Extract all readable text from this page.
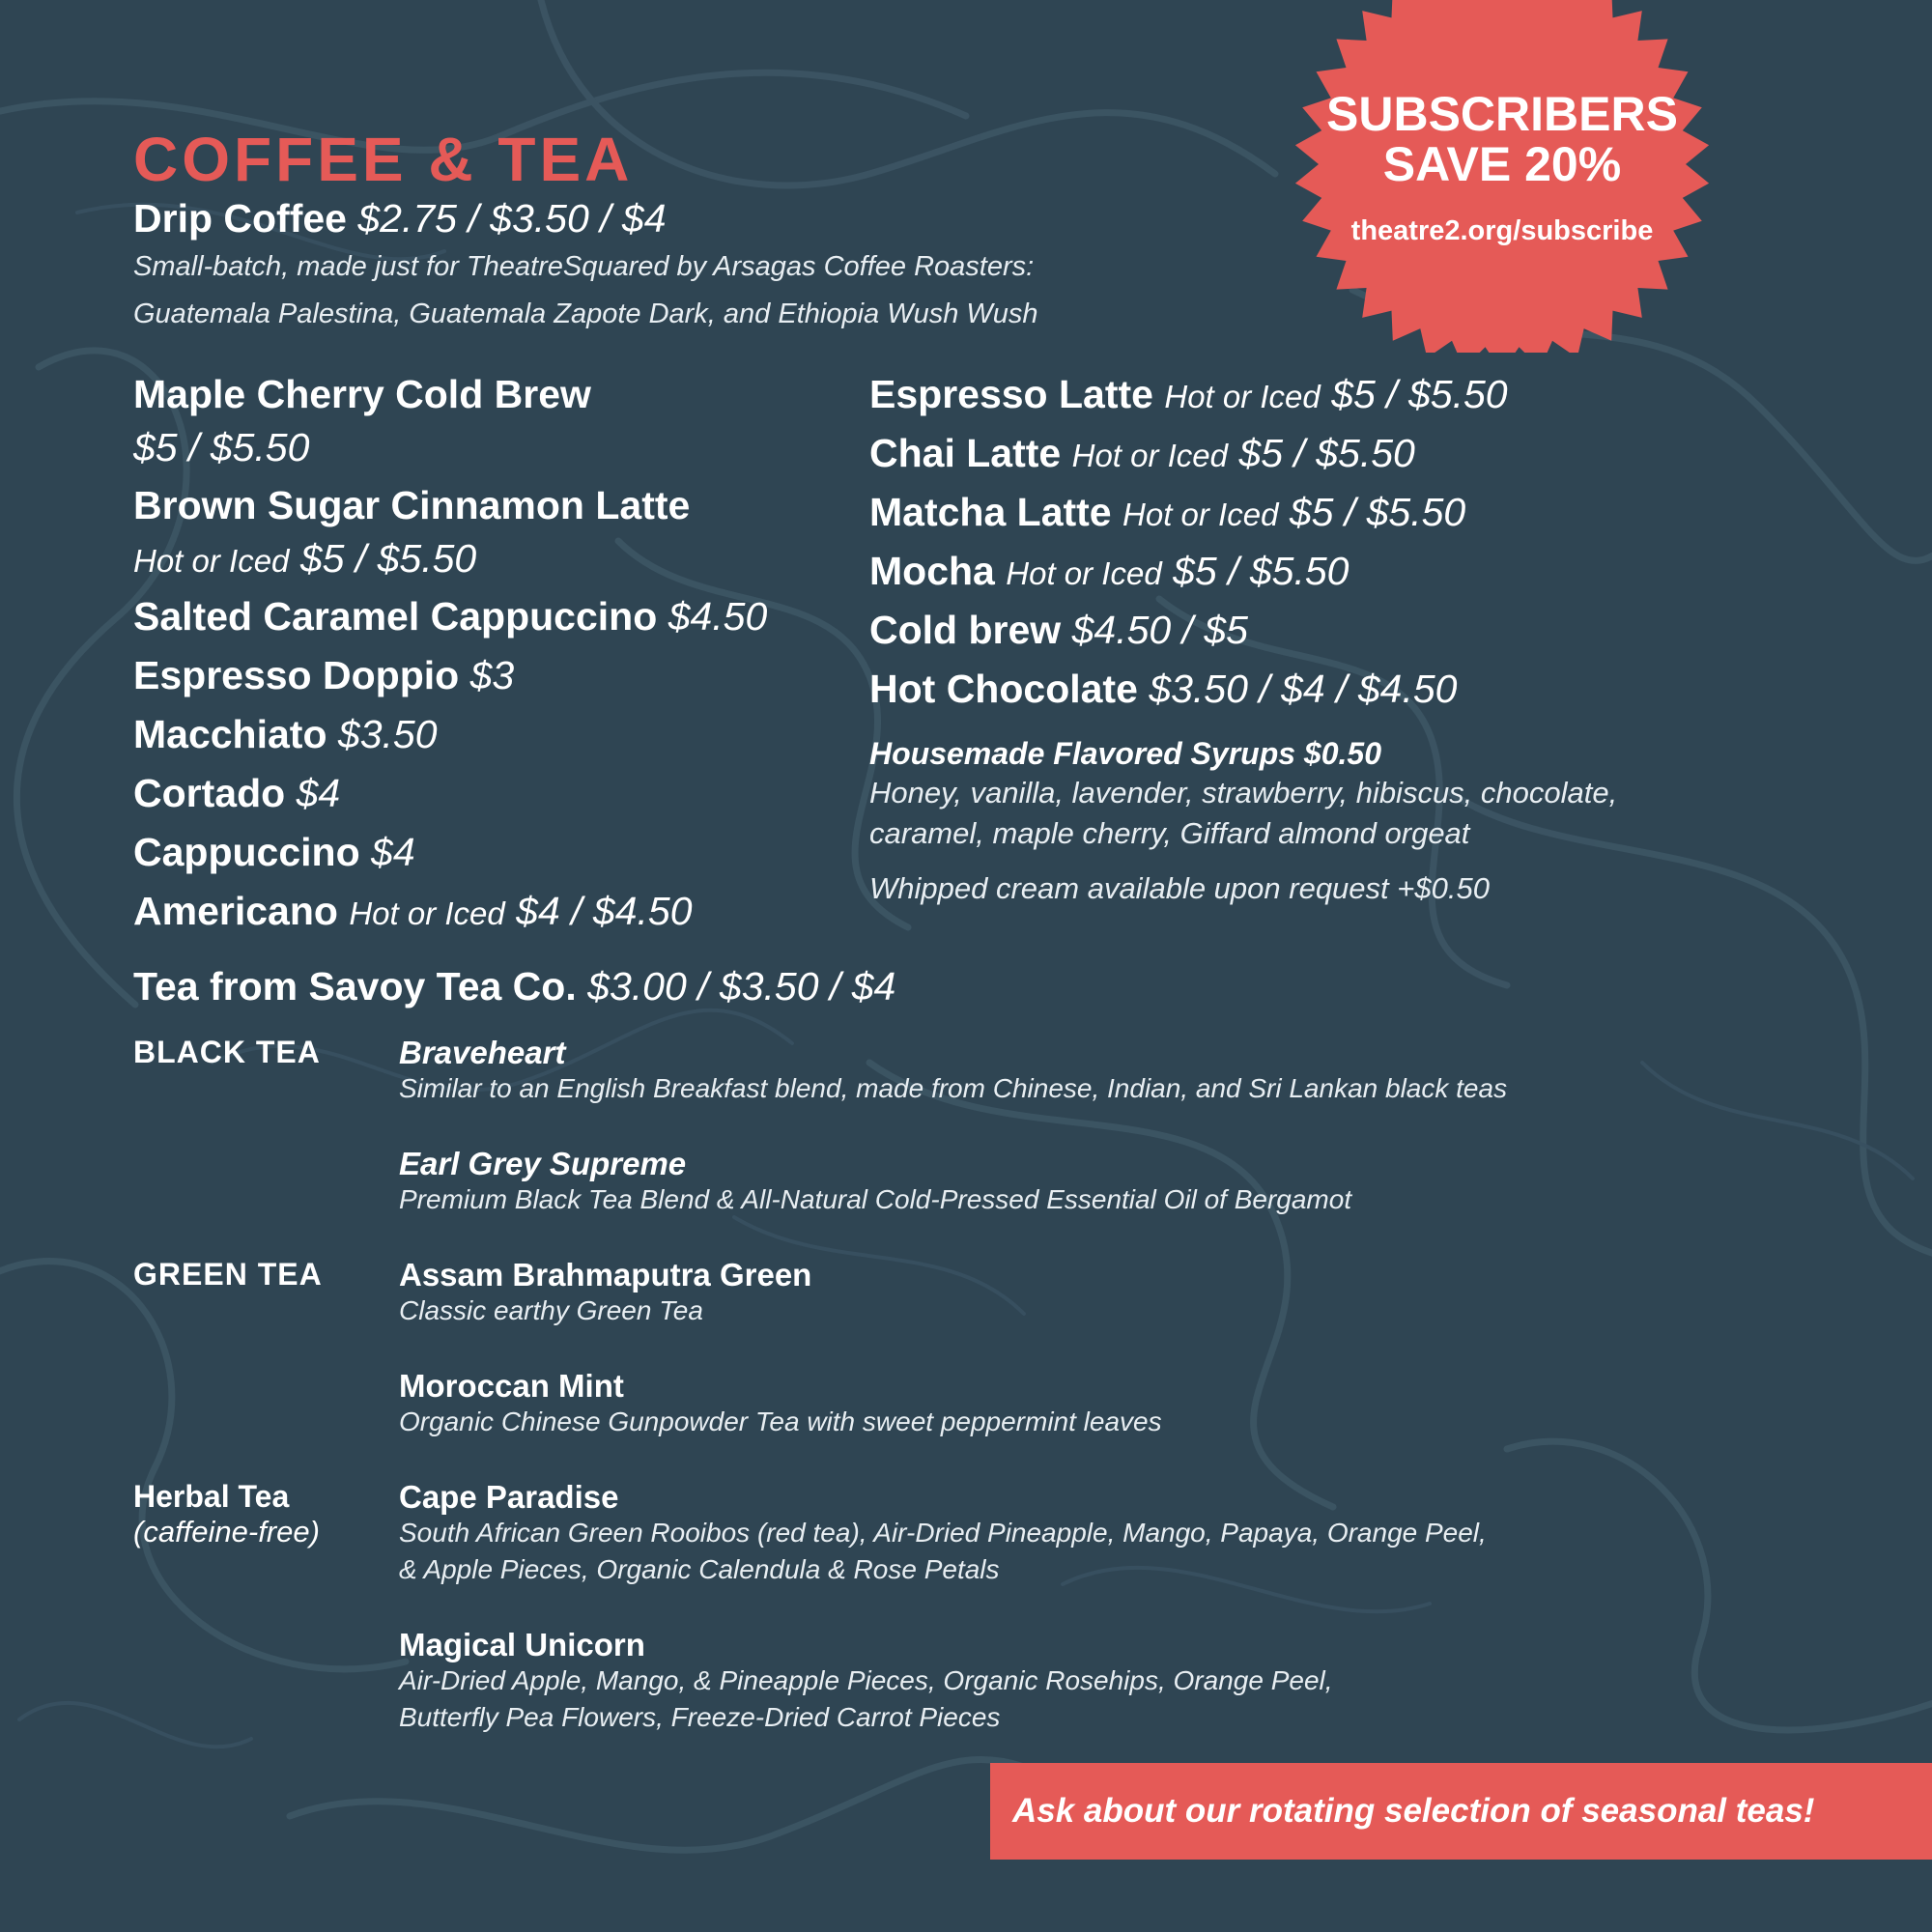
SUBSCRIBERS
SAVE 20%
theatre2.org/subscribe
COFFEE & TEA
Drip Coffee $2.75 / $3.50 / $4
Small-batch, made just for TheatreSquared by Arsagas Coffee Roasters:
Guatemala Palestina, Guatemala Zapote Dark, and Ethiopia Wush Wush
Maple Cherry Cold Brew
$5 / $5.50
Brown Sugar Cinnamon Latte
Hot or Iced $5 / $5.50
Salted Caramel Cappuccino $4.50
Espresso Doppio $3
Macchiato $3.50
Cortado $4
Cappuccino $4
Americano Hot or Iced $4 / $4.50
Espresso Latte Hot or Iced $5 / $5.50
Chai Latte Hot or Iced $5 / $5.50
Matcha Latte Hot or Iced $5 / $5.50
Mocha Hot or Iced $5 / $5.50
Cold brew $4.50 / $5
Hot Chocolate $3.50 / $4 / $4.50
Housemade Flavored Syrups $0.50
Honey, vanilla, lavender, strawberry, hibiscus, chocolate,
caramel, maple cherry, Giffard almond orgeat
Whipped cream available upon request +$0.50
Tea from Savoy Tea Co. $3.00 / $3.50 / $4
BLACK TEA
GREEN TEA
Herbal Tea
(caffeine-free)
Braveheart
Similar to an English Breakfast blend, made from Chinese, Indian, and Sri Lankan black teas
Earl Grey Supreme
Premium Black Tea Blend & All-Natural Cold-Pressed Essential Oil of Bergamot
Assam Brahmaputra Green
Classic earthy Green Tea
Moroccan Mint
Organic Chinese Gunpowder Tea with sweet peppermint leaves
Cape Paradise
South African Green Rooibos (red tea), Air-Dried Pineapple, Mango, Papaya, Orange Peel,
& Apple Pieces, Organic Calendula & Rose Petals
Magical Unicorn
Air-Dried Apple, Mango, & Pineapple Pieces, Organic Rosehips, Orange Peel,
Butterfly Pea Flowers, Freeze-Dried Carrot Pieces
Ask about our rotating selection of seasonal teas!
